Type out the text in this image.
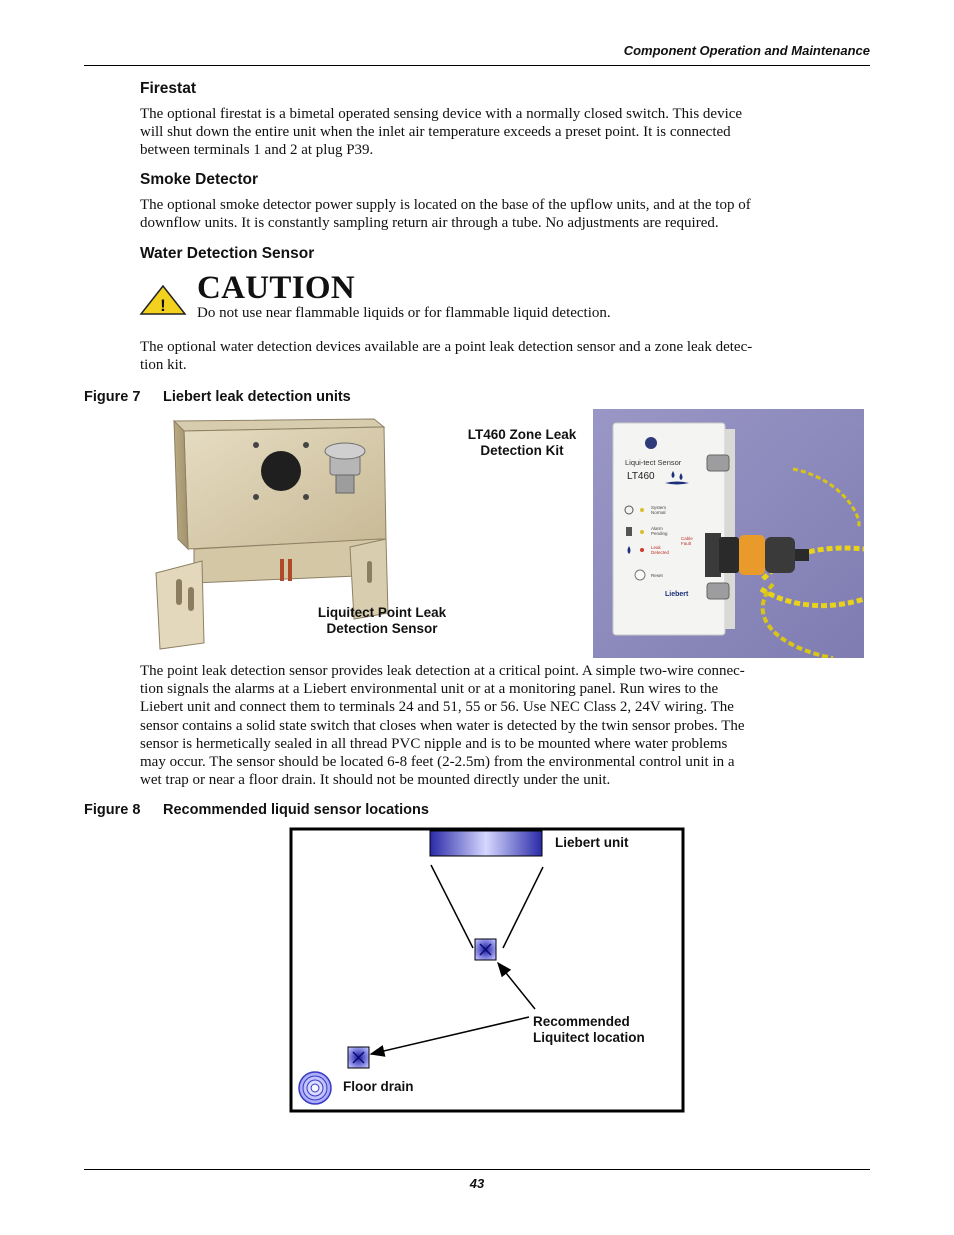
Component Operation and Maintenance
Firestat
The optional firestat is a bimetal operated sensing device with a normally closed switch. This device
will shut down the entire unit when the inlet air temperature exceeds a preset point. It is connected
between terminals 1 and 2 at plug P39.
Smoke Detector
The optional smoke detector power supply is located on the base of the upflow units, and at the top of
downflow units. It is constantly sampling return air through a tube. No adjustments are required.
Water Detection Sensor
! CAUTION
Do not use near flammable liquids or for flammable liquid detection.
The optional water detection devices available are a point leak detection sensor and a zone leak detec-
tion kit.
Figure 7 Liebert leak detection units
Liquitect Point Leak
Detection Sensor
LT460 Zone Leak
Detection Kit
Liqui-tect Sensor
LT460
System
Normal
Alarm
Pending
Leak
Detected
Cable
Fault
Reset
Liebert
The point leak detection sensor provides leak detection at a critical point. A simple two-wire connec-
tion signals the alarms at a Liebert environmental unit or at a monitoring panel. Run wires to the
Liebert unit and connect them to terminals 24 and 51, 55 or 56. Use NEC Class 2, 24V wiring. The
sensor contains a solid state switch that closes when water is detected by the twin sensor probes. The
sensor is hermetically sealed in all thread PVC nipple and is to be mounted where water problems
may occur. The sensor should be located 6-8 feet (2-2.5m) from the environmental control unit in a
wet trap or near a floor drain. It should not be mounted directly under the unit.
Figure 8 Recommended liquid sensor locations
Liebert unit
Recommended
Liquitect location
Floor drain
43
